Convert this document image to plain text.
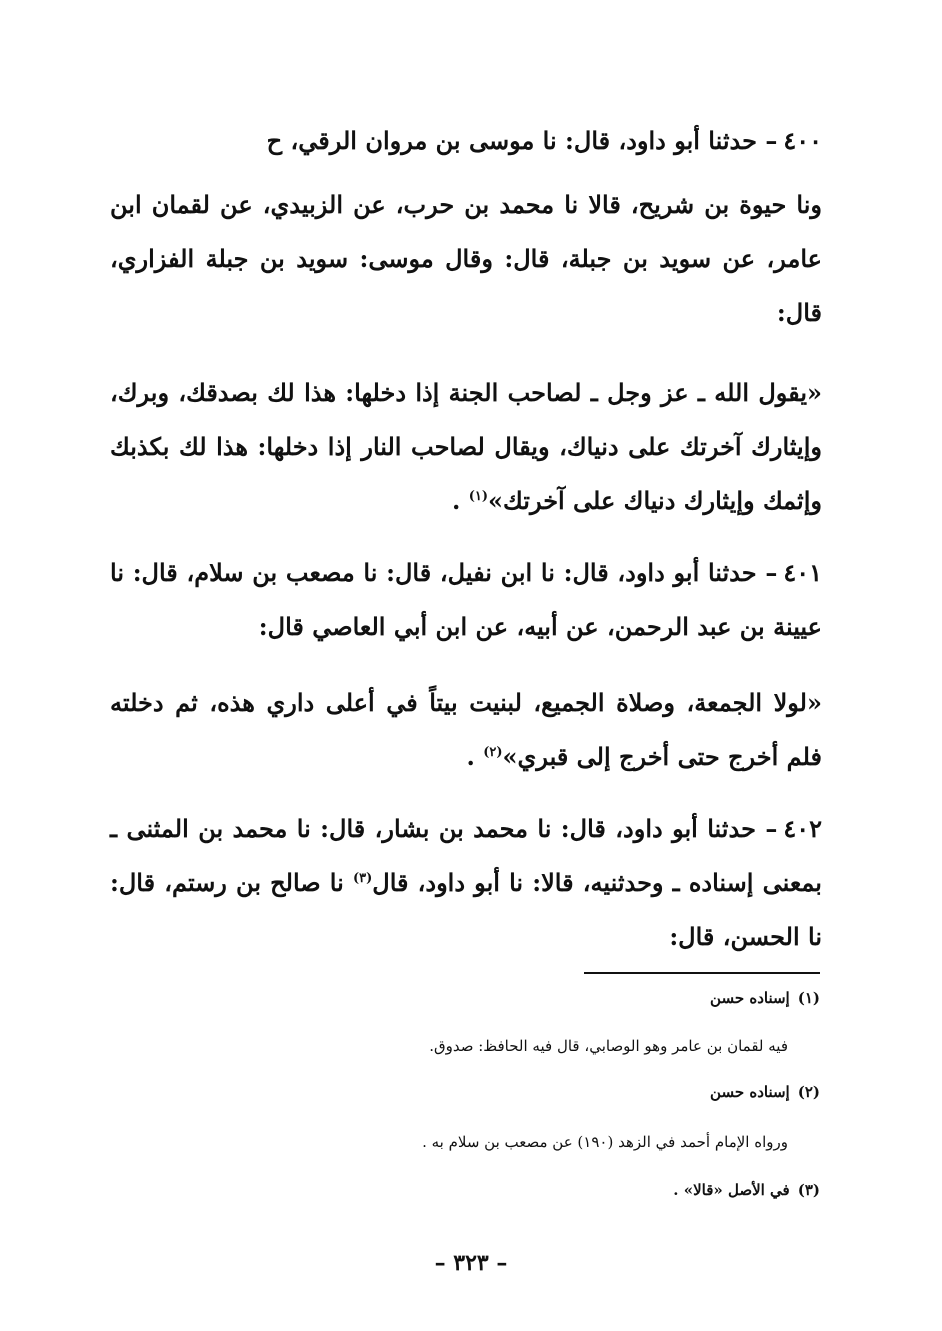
٤٠٠– حدثنا أبو داود، قال: نا موسى بن مروان الرقي، ح

ونا حيوة بن شريح، قالا نا محمد بن حرب، عن الزبيدي، عن لقمان ابن عامر، عن سويد بن جبلة، قال: وقال موسى: سويد بن جبلة الفزاري، قال:

«يقول الله ـ عز وجل ـ لصاحب الجنة إذا دخلها: هذا لك بصدقك، وبرك، وإيثارك آخرتك على دنياك، ويقال لصاحب النار إذا دخلها: هذا لك بكذبك وإثمك وإيثارك دنياك على آخرتك»$^{(١)}$ .

٤٠١– حدثنا أبو داود، قال: نا ابن نفيل، قال: نا مصعب بن سلام، قال: نا عيينة بن عبد الرحمن، عن أبيه، عن ابن أبي العاصي قال:

«لولا الجمعة، وصلاة الجميع، لبنيت بيتاً في أعلى داري هذه، ثم دخلته فلم أخرج حتى أخرج إلى قبري»$^{(٢)}$ .

٤٠٢– حدثنا أبو داود، قال: نا محمد بن بشار، قال: نا محمد بن المثنى ـ بمعنى إسناده ـ وحدثنيه، قالا: نا أبو داود، قال$^{(٣)}$ نا صالح بن رستم، قال: نا الحسن، قال:

(١)إسناده حسن

فيه لقمان بن عامر وهو الوصابي، قال فيه الحافظ: صدوق.

(٢)إسناده حسن

ورواه الإمام أحمد في الزهد (١٩٠) عن مصعب بن سلام به .

(٣)في الأصل «قالا» .

– ٣٢٣ –
